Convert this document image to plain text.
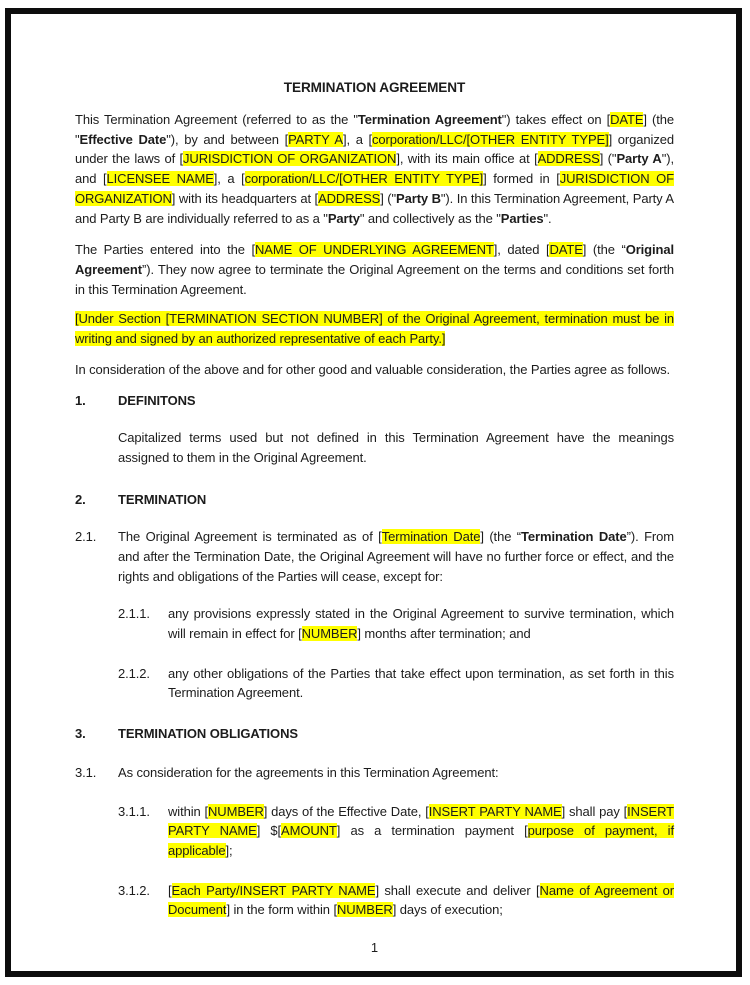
TERMINATION AGREEMENT

This Termination Agreement (referred to as the "Termination Agreement") takes effect on [DATE] (the "Effective Date"), by and between [PARTY A], a [corporation/LLC/[OTHER ENTITY TYPE]] organized under the laws of [JURISDICTION OF ORGANIZATION], with its main office at [ADDRESS] ("Party A"), and [LICENSEE NAME], a [corporation/LLC/[OTHER ENTITY TYPE]] formed in [JURISDICTION OF ORGANIZATION] with its headquarters at [ADDRESS] ("Party B"). In this Termination Agreement, Party A and Party B are individually referred to as a "Party" and collectively as the "Parties".

The Parties entered into the [NAME OF UNDERLYING AGREEMENT], dated [DATE] (the “Original Agreement”). They now agree to terminate the Original Agreement on the terms and conditions set forth in this Termination Agreement.

[Under Section [TERMINATION SECTION NUMBER] of the Original Agreement, termination must be in writing and signed by an authorized representative of each Party.]

In consideration of the above and for other good and valuable consideration, the Parties agree as follows.

1. DEFINITONS

Capitalized terms used but not defined in this Termination Agreement have the meanings assigned to them in the Original Agreement.

2. TERMINATION
2.1. The Original Agreement is terminated as of [Termination Date] (the “Termination Date”). From and after the Termination Date, the Original Agreement will have no further force or effect, and the rights and obligations of the Parties will cease, except for:
2.1.1. any provisions expressly stated in the Original Agreement to survive termination, which will remain in effect for [NUMBER] months after termination; and
2.1.2. any other obligations of the Parties that take effect upon termination, as set forth in this Termination Agreement.
3. TERMINATION OBLIGATIONS
3.1. As consideration for the agreements in this Termination Agreement:
3.1.1. within [NUMBER] days of the Effective Date, [INSERT PARTY NAME] shall pay [INSERT PARTY NAME] $[AMOUNT] as a termination payment [purpose of payment, if applicable];
3.1.2. [Each Party/INSERT PARTY NAME] shall execute and deliver [Name of Agreement or Document] in the form within [NUMBER] days of execution;
1
